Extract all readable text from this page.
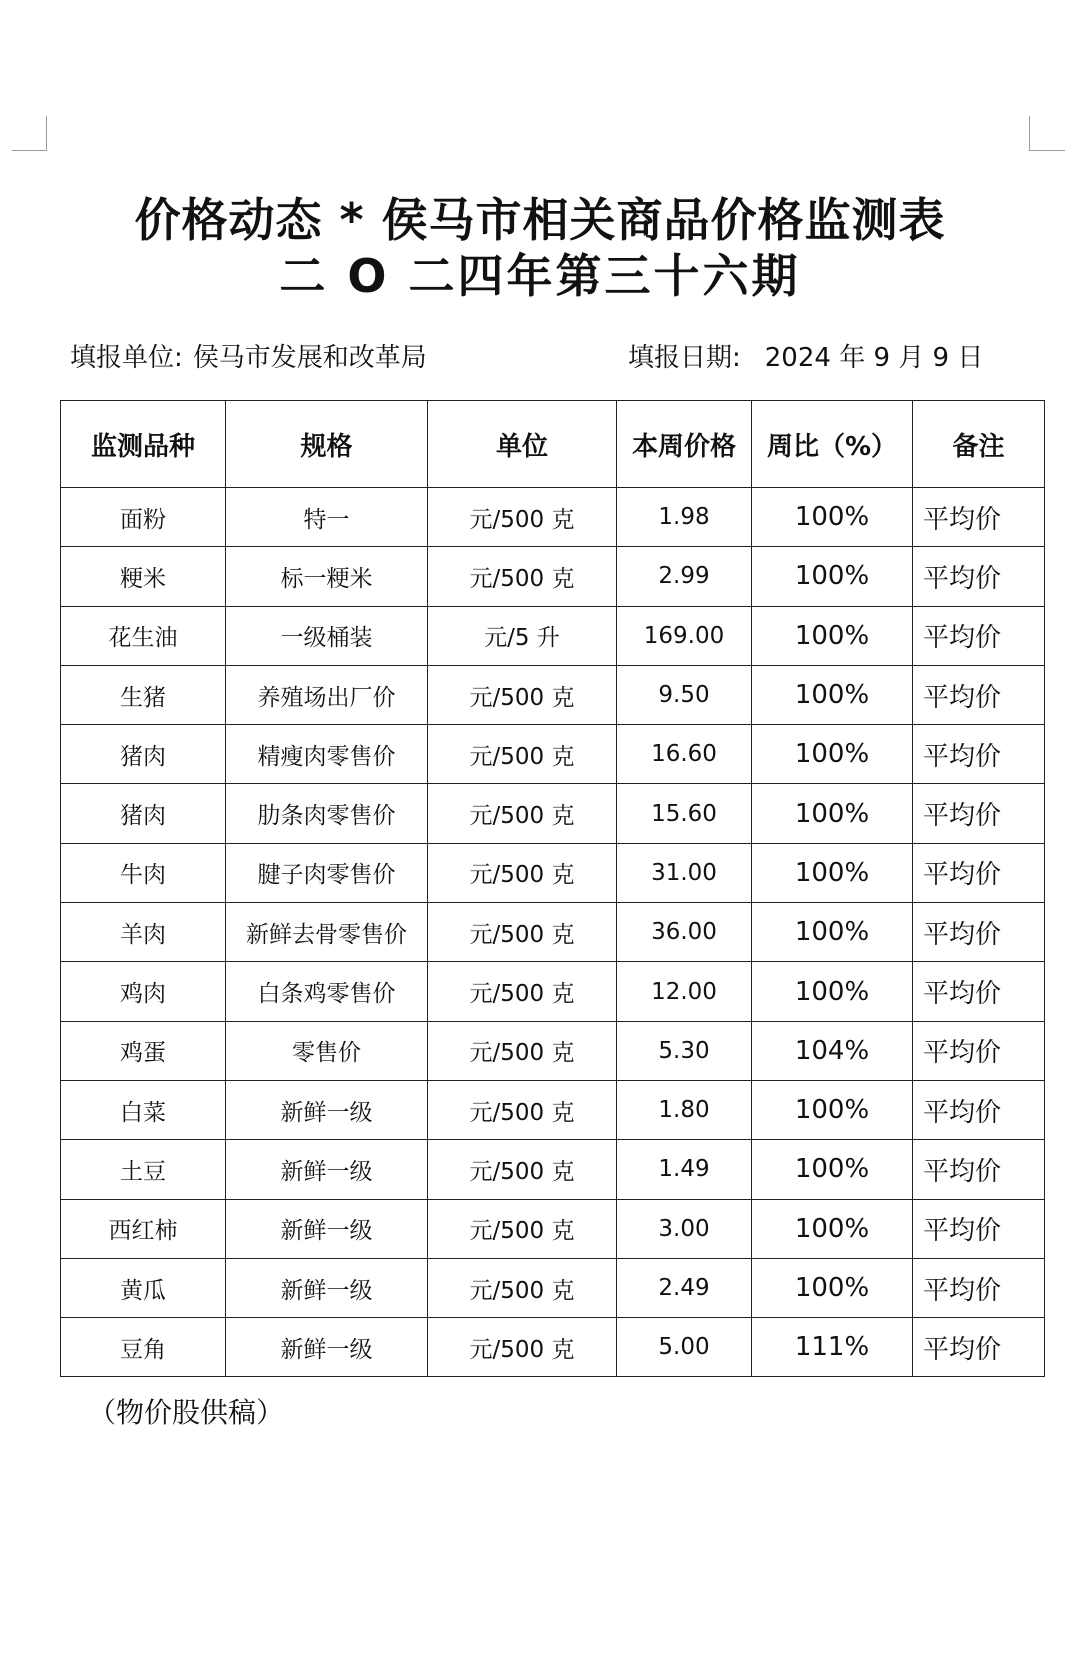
价格动态 * 侯马市相关商品价格监测表
二 O 二四年第三十六期
填报单位: 侯马市发展和改革局	填报日期: 2024 年 9 月 9 日
监测品种	规格	单位	本周价格	周比（%）	备注
面粉	特一	元/500 克	1.98	100%	平均价
粳米	标一粳米	元/500 克	2.99	100%	平均价
花生油	一级桶装	元/5 升	169.00	100%	平均价
生猪	养殖场出厂价	元/500 克	9.50	100%	平均价
猪肉	精瘦肉零售价	元/500 克	16.60	100%	平均价
猪肉	肋条肉零售价	元/500 克	15.60	100%	平均价
牛肉	腱子肉零售价	元/500 克	31.00	100%	平均价
羊肉	新鲜去骨零售价	元/500 克	36.00	100%	平均价
鸡肉	白条鸡零售价	元/500 克	12.00	100%	平均价
鸡蛋	零售价	元/500 克	5.30	104%	平均价
白菜	新鲜一级	元/500 克	1.80	100%	平均价
土豆	新鲜一级	元/500 克	1.49	100%	平均价
西红柿	新鲜一级	元/500 克	3.00	100%	平均价
黄瓜	新鲜一级	元/500 克	2.49	100%	平均价
豆角	新鲜一级	元/500 克	5.00	111%	平均价
（物价股供稿）
